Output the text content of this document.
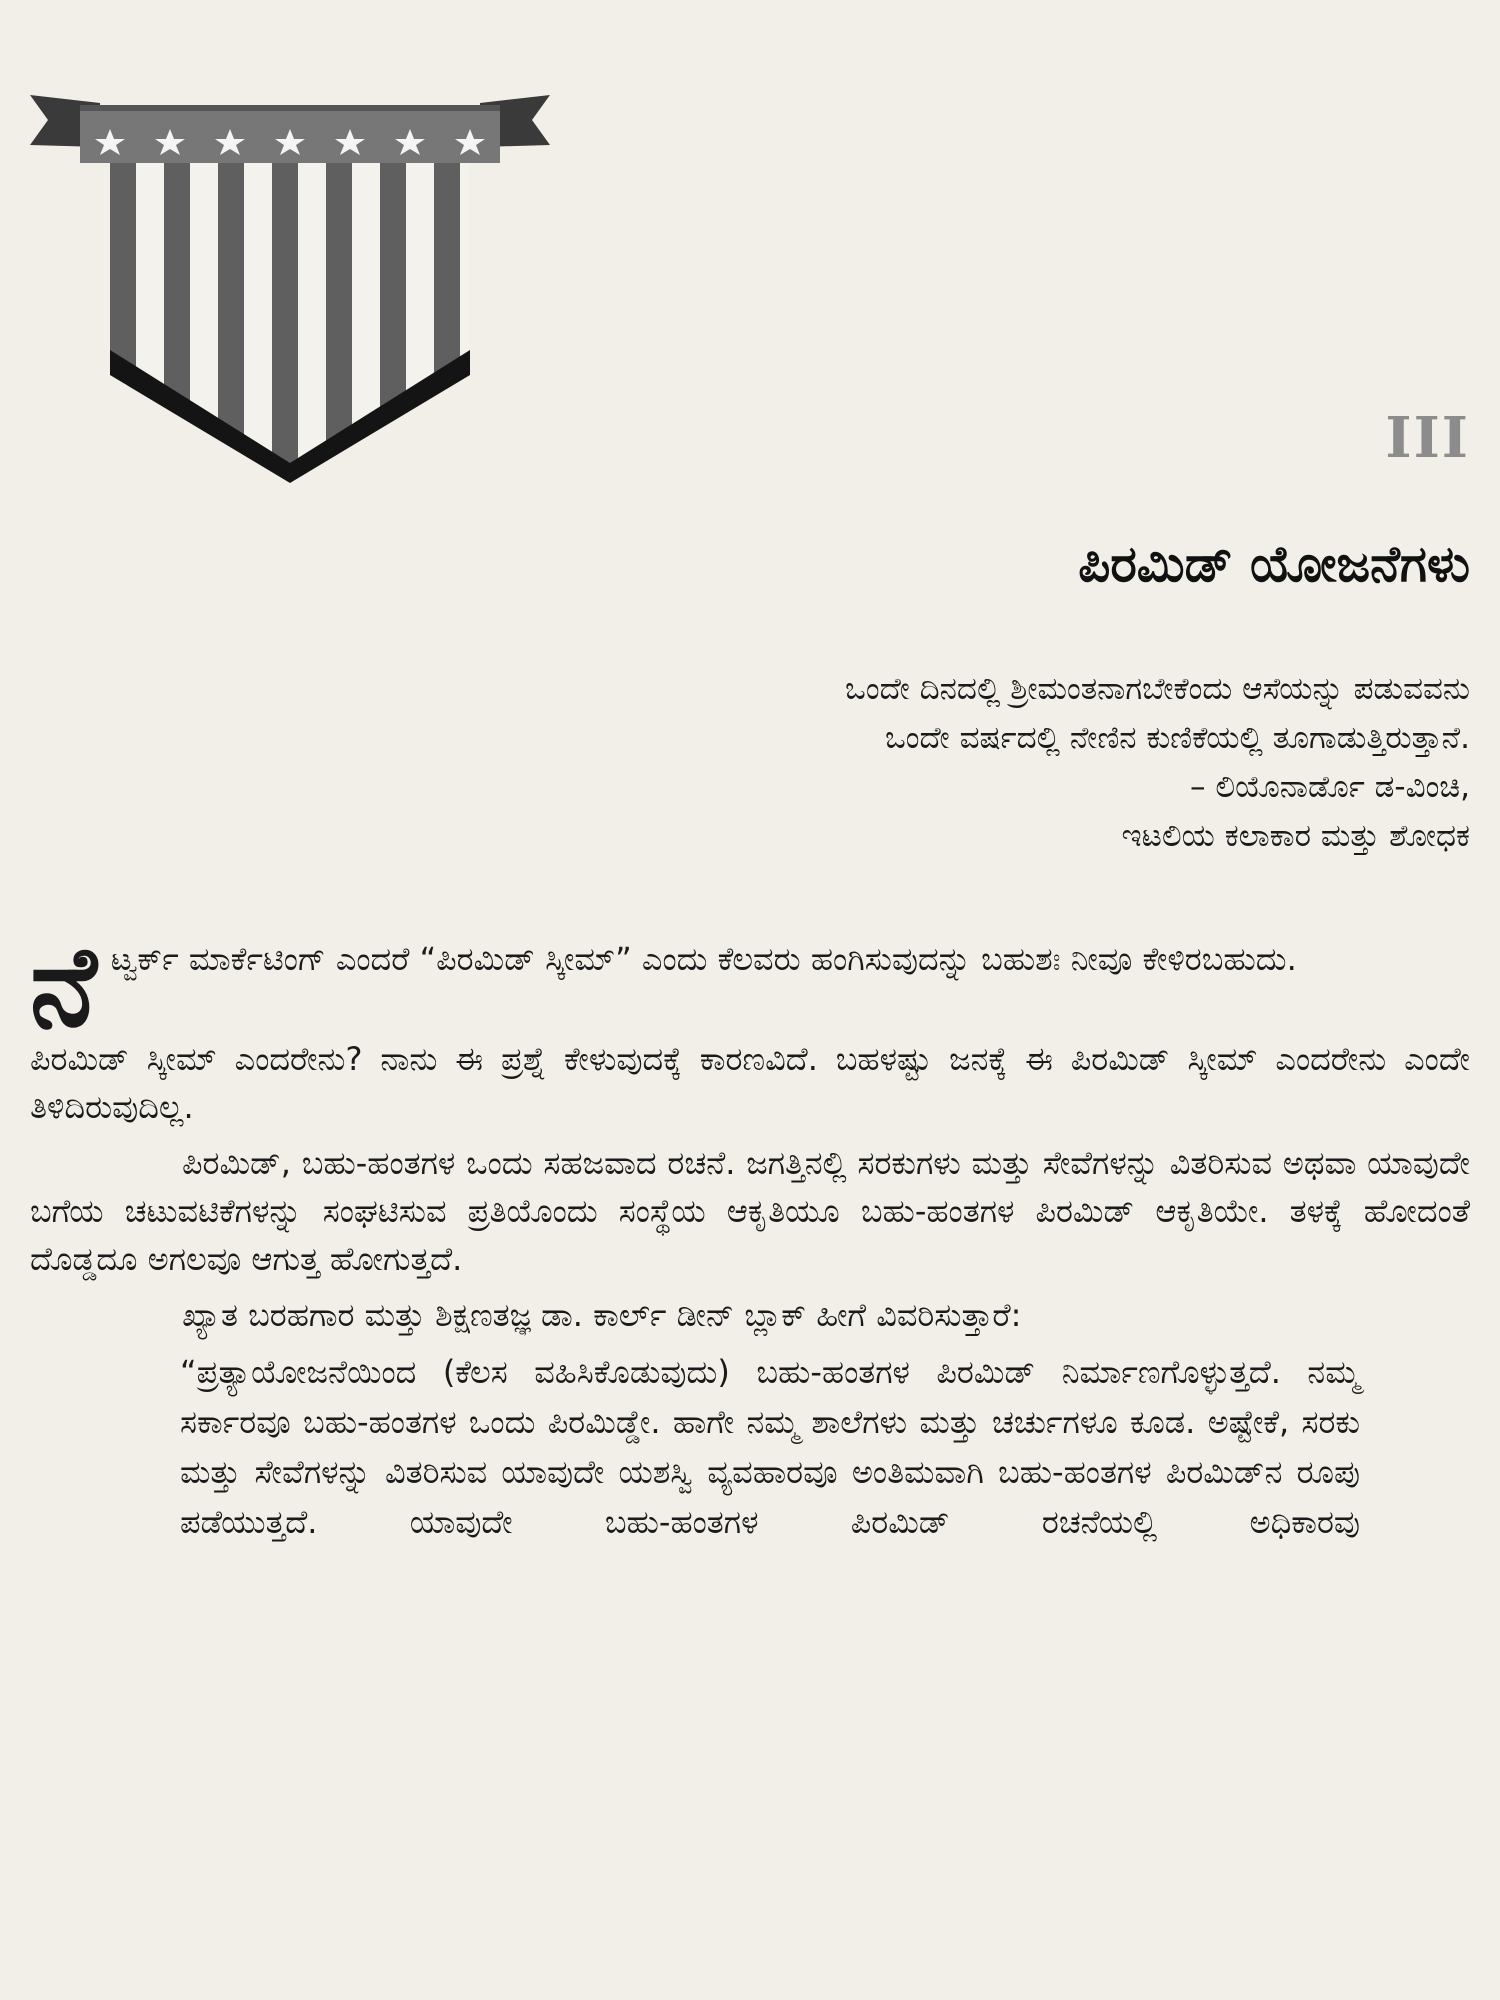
III
ಪಿರಮಿಡ್ ಯೋಜನೆಗಳು
ಒಂದೇ ದಿನದಲ್ಲಿ ಶ್ರೀಮಂತನಾಗಬೇಕೆಂದು ಆಸೆಯನ್ನು ಪಡುವವನು
ಒಂದೇ ವರ್ಷದಲ್ಲಿ ನೇಣಿನ ಕುಣಿಕೆಯಲ್ಲಿ ತೂಗಾಡುತ್ತಿರುತ್ತಾನೆ.
– ಲಿಯೊನಾರ್ಡೊ ಡ-ವಿಂಚಿ,
ಇಟಲಿಯ ಕಲಾಕಾರ ಮತ್ತು ಶೋಧಕ
ನೆ ಟ್ವರ್ಕ್ ಮಾರ್ಕೆಟಿಂಗ್ ಎಂದರೆ “ಪಿರಮಿಡ್ ಸ್ಕೀಮ್” ಎಂದು ಕೆಲವರು ಹಂಗಿಸುವುದನ್ನು ಬಹುಶಃ ನೀವೂ ಕೇಳಿರಬಹುದು.

ಪಿರಮಿಡ್ ಸ್ಕೀಮ್ ಎಂದರೇನು? ನಾನು ಈ ಪ್ರಶ್ನೆ ಕೇಳುವುದಕ್ಕೆ ಕಾರಣವಿದೆ. ಬಹಳಷ್ಟು ಜನಕ್ಕೆ ಈ ಪಿರಮಿಡ್ ಸ್ಕೀಮ್ ಎಂದರೇನು ಎಂದೇ ತಿಳಿದಿರುವುದಿಲ್ಲ.

ಪಿರಮಿಡ್, ಬಹು-ಹಂತಗಳ ಒಂದು ಸಹಜವಾದ ರಚನೆ. ಜಗತ್ತಿನಲ್ಲಿ ಸರಕುಗಳು ಮತ್ತು ಸೇವೆಗಳನ್ನು ವಿತರಿಸುವ ಅಥವಾ ಯಾವುದೇ ಬಗೆಯ ಚಟುವಟಿಕೆಗಳನ್ನು ಸಂಘಟಿಸುವ ಪ್ರತಿಯೊಂದು ಸಂಸ್ಥೆಯ ಆಕೃತಿಯೂ ಬಹು-ಹಂತಗಳ ಪಿರಮಿಡ್ ಆಕೃತಿಯೇ. ತಳಕ್ಕೆ ಹೋದಂತೆ ದೊಡ್ಡದೂ ಅಗಲವೂ ಆಗುತ್ತ ಹೋಗುತ್ತದೆ.

ಖ್ಯಾತ ಬರಹಗಾರ ಮತ್ತು ಶಿಕ್ಷಣತಜ್ಞ ಡಾ. ಕಾರ್ಲ್ ಡೀನ್ ಬ್ಲಾಕ್ ಹೀಗೆ ವಿವರಿಸುತ್ತಾರೆ:

“ಪ್ರತ್ಯಾಯೋಜನೆಯಿಂದ (ಕೆಲಸ ವಹಿಸಿಕೊಡುವುದು) ಬಹು-ಹಂತಗಳ ಪಿರಮಿಡ್ ನಿರ್ಮಾಣಗೊಳ್ಳುತ್ತದೆ. ನಮ್ಮ ಸರ್ಕಾರವೂ ಬಹು-ಹಂತಗಳ ಒಂದು ಪಿರಮಿಡ್ಡೇ. ಹಾಗೇ ನಮ್ಮ ಶಾಲೆಗಳು ಮತ್ತು ಚರ್ಚುಗಳೂ ಕೂಡ. ಅಷ್ಟೇಕೆ, ಸರಕು ಮತ್ತು ಸೇವೆಗಳನ್ನು ವಿತರಿಸುವ ಯಾವುದೇ ಯಶಸ್ವಿ ವ್ಯವಹಾರವೂ ಅಂತಿಮವಾಗಿ ಬಹು-ಹಂತಗಳ ಪಿರಮಿಡ್‌ನ ರೂಪು ಪಡೆಯುತ್ತದೆ. ಯಾವುದೇ ಬಹು-ಹಂತಗಳ ಪಿರಮಿಡ್ ರಚನೆಯಲ್ಲಿ ಅಧಿಕಾರವು
